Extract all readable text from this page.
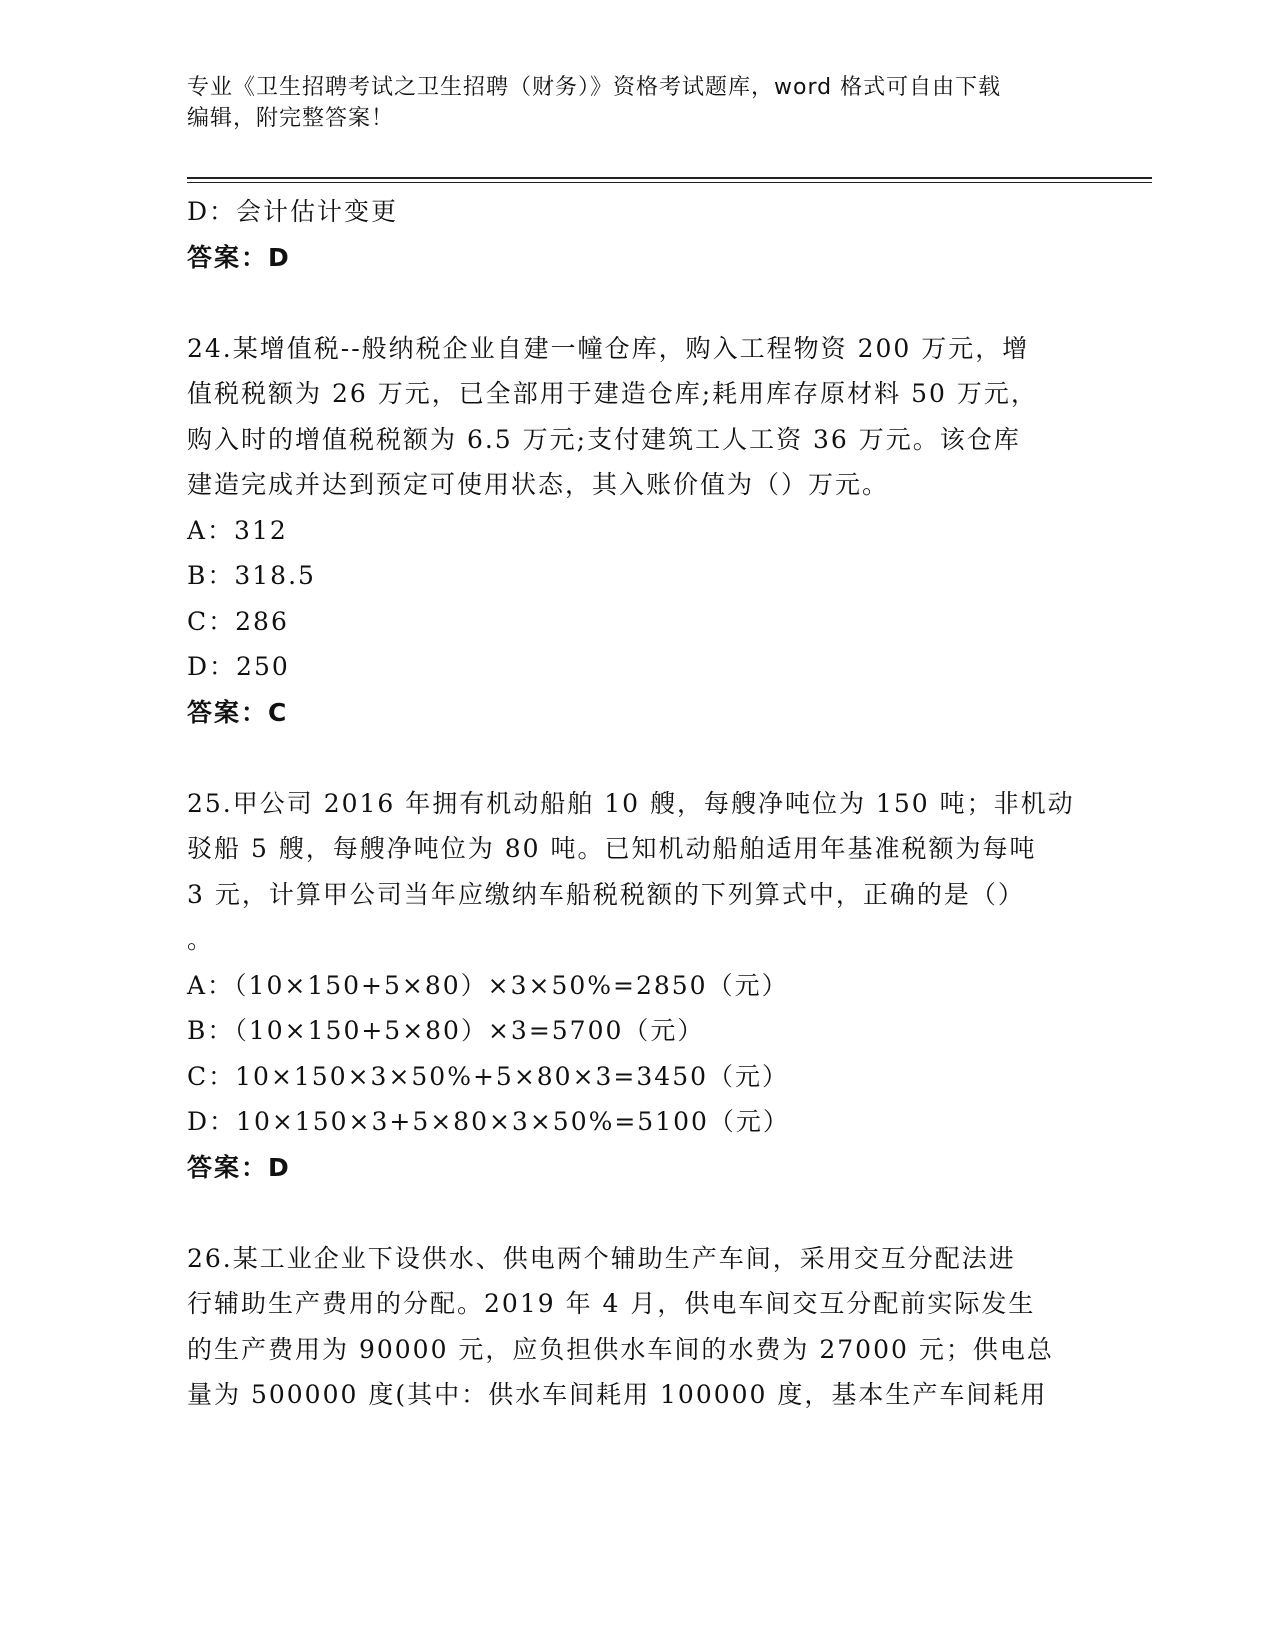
专业《卫生招聘考试之卫生招聘（财务）》资格考试题库，word 格式可自由下载
编辑，附完整答案！
D：会计估计变更
答案：D
24.某增值税--般纳税企业自建一幢仓库，购入工程物资 200 万元，增
值税税额为 26 万元，已全部用于建造仓库;耗用库存原材料 50 万元，
购入时的增值税税额为 6.5 万元;支付建筑工人工资 36 万元。该仓库
建造完成并达到预定可使用状态，其入账价值为（）万元。
A：312
B：318.5
C：286
D：250
答案：C
25.甲公司 2016 年拥有机动船舶 10 艘，每艘净吨位为 150 吨；非机动
驳船 5 艘，每艘净吨位为 80 吨。已知机动船舶适用年基准税额为每吨
3 元，计算甲公司当年应缴纳车船税税额的下列算式中，正确的是（）
。
A：（10×150+5×80）×3×50%=2850（元）
B：（10×150+5×80）×3=5700（元）
C：10×150×3×50%+5×80×3=3450（元）
D：10×150×3+5×80×3×50%=5100（元）
答案：D
26.某工业企业下设供水、供电两个辅助生产车间，采用交互分配法进
行辅助生产费用的分配。2019 年 4 月，供电车间交互分配前实际发生
的生产费用为 90000 元，应负担供水车间的水费为 27000 元；供电总
量为 500000 度(其中：供水车间耗用 100000 度，基本生产车间耗用
